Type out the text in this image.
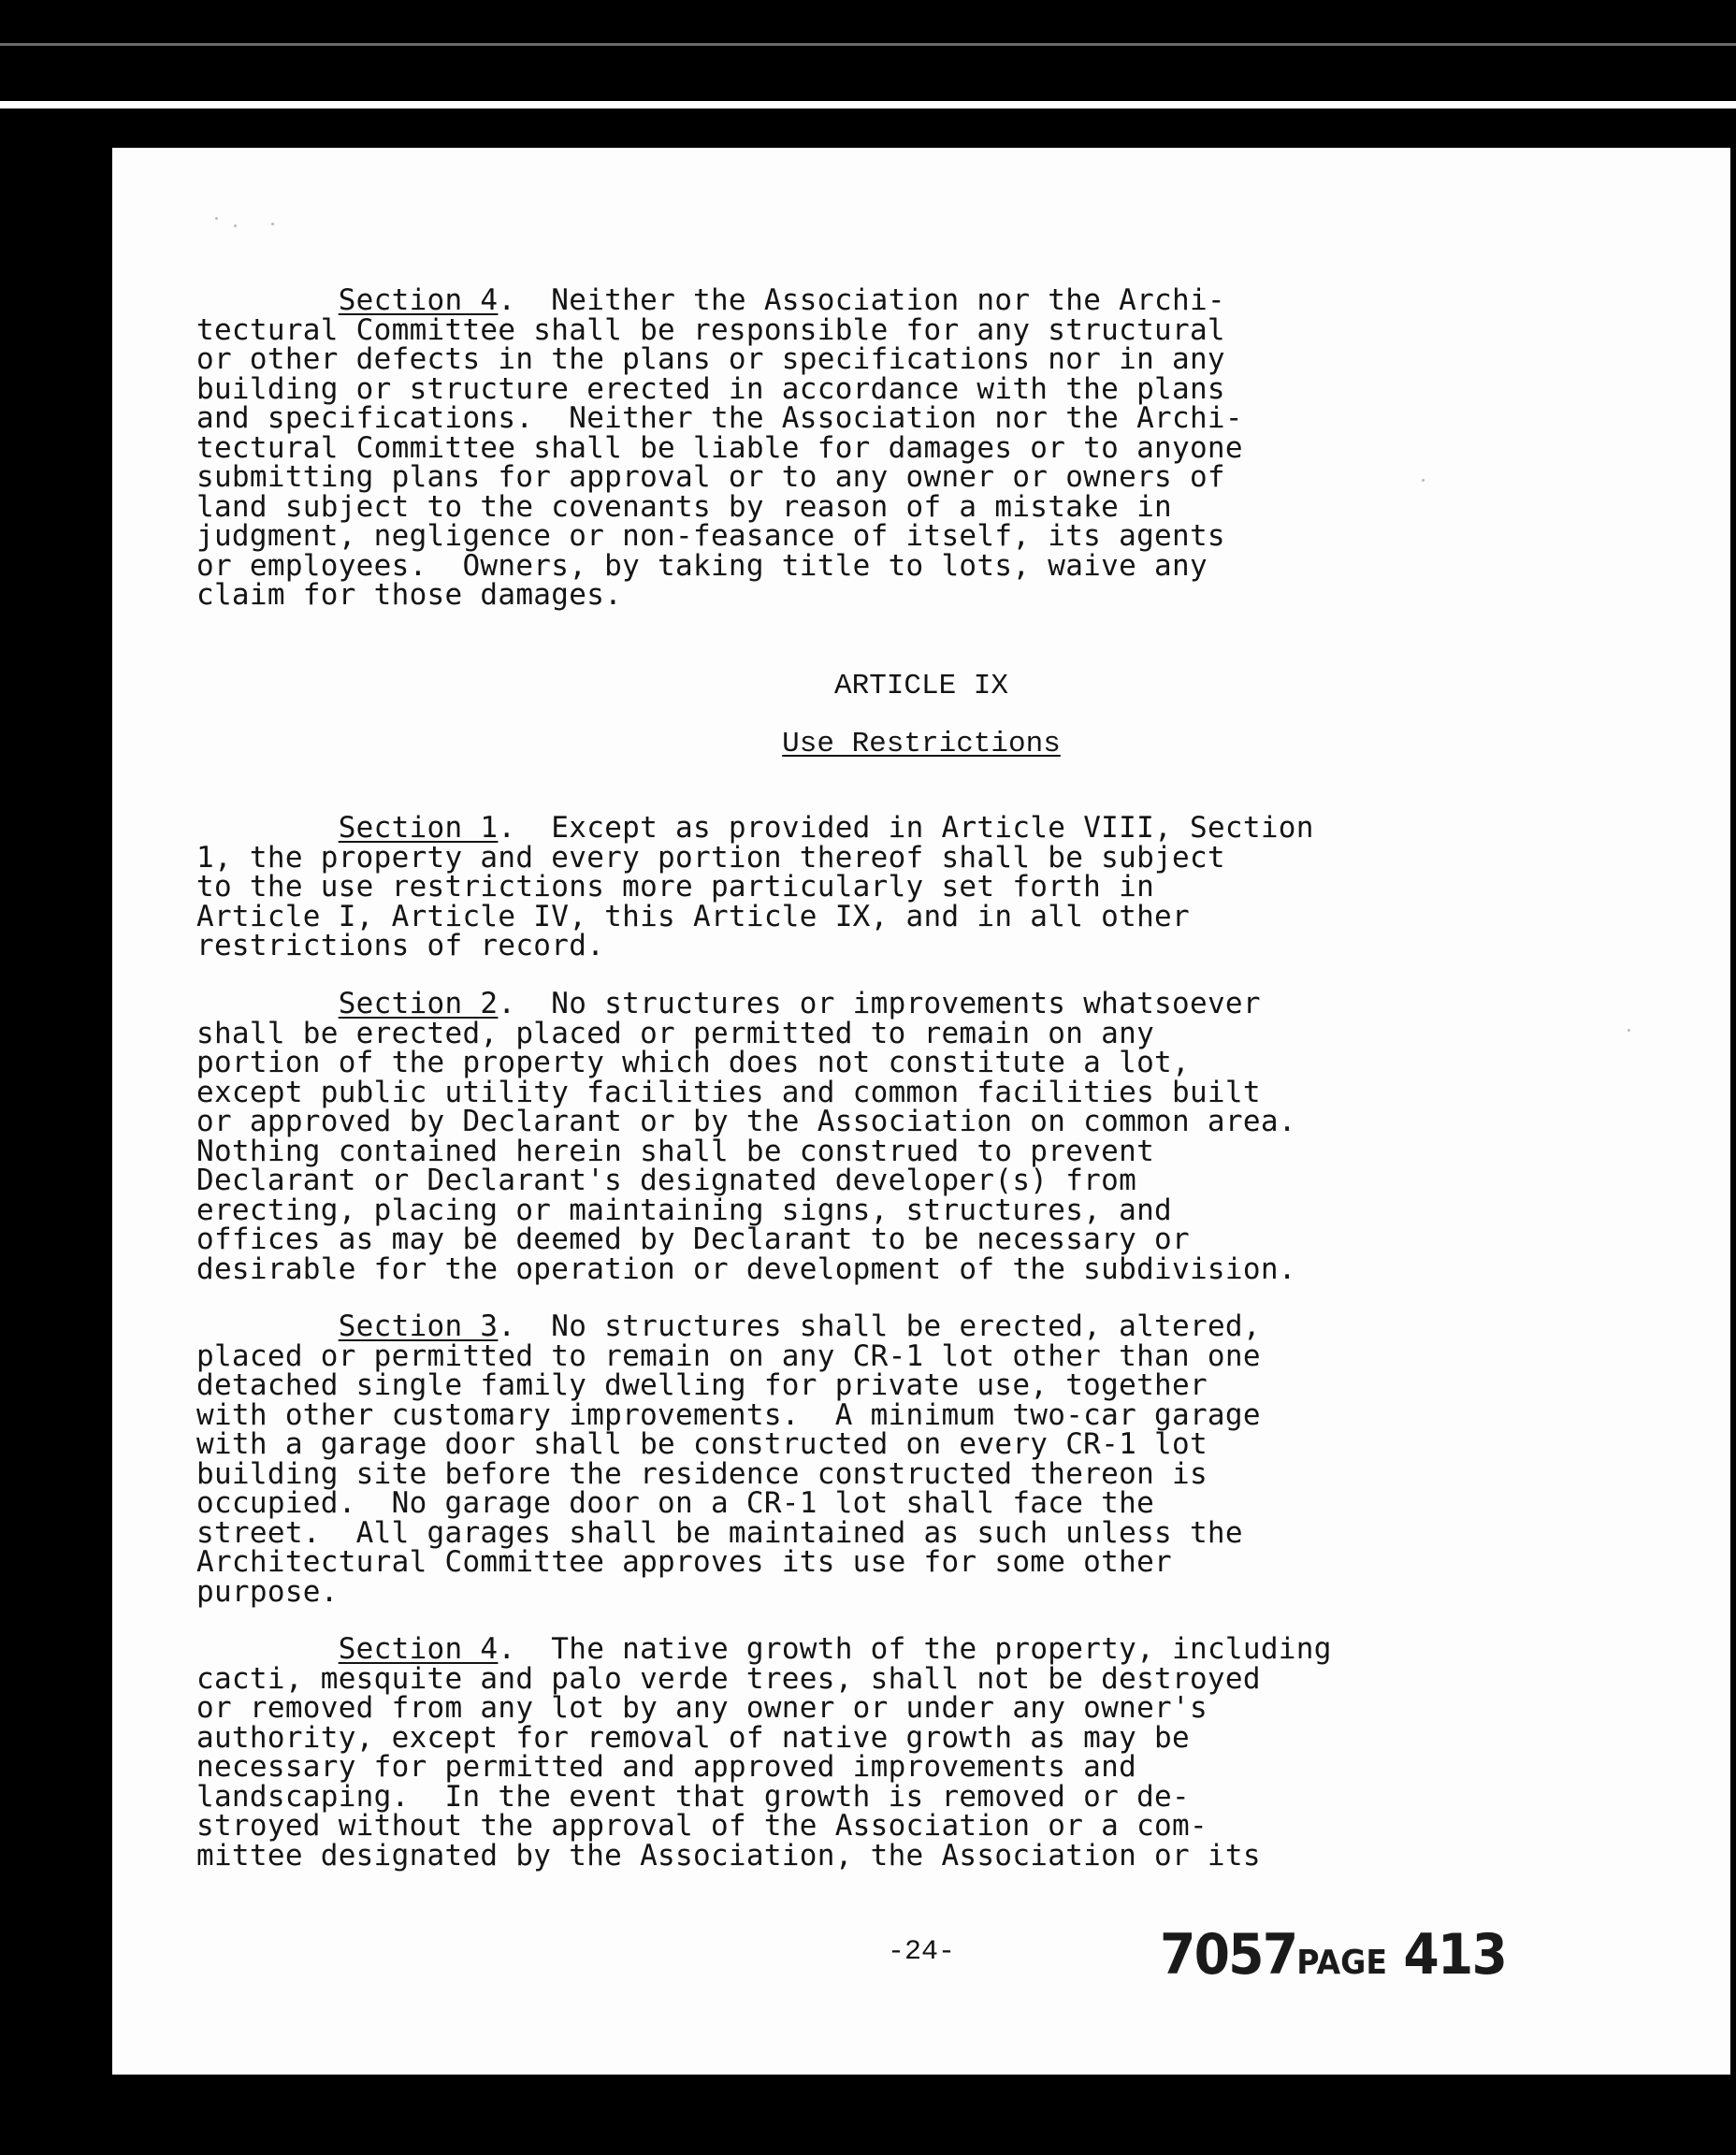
Section 4.  Neither the Association nor the Archi-
tectural Committee shall be responsible for any structural
or other defects in the plans or specifications nor in any
building or structure erected in accordance with the plans
and specifications.  Neither the Association nor the Archi-
tectural Committee shall be liable for damages or to anyone
submitting plans for approval or to any owner or owners of
land subject to the covenants by reason of a mistake in
judgment, negligence or non-feasance of itself, its agents
or employees.  Owners, by taking title to lots, waive any
claim for those damages.
ARTICLE IX
Use Restrictions
Section 1.  Except as provided in Article VIII, Section
1, the property and every portion thereof shall be subject
to the use restrictions more particularly set forth in
Article I, Article IV, this Article IX, and in all other
restrictions of record.
Section 2.  No structures or improvements whatsoever
shall be erected, placed or permitted to remain on any
portion of the property which does not constitute a lot,
except public utility facilities and common facilities built
or approved by Declarant or by the Association on common area.
Nothing contained herein shall be construed to prevent
Declarant or Declarant's designated developer(s) from
erecting, placing or maintaining signs, structures, and
offices as may be deemed by Declarant to be necessary or
desirable for the operation or development of the subdivision.
Section 3.  No structures shall be erected, altered,
placed or permitted to remain on any CR-1 lot other than one
detached single family dwelling for private use, together
with other customary improvements.  A minimum two-car garage
with a garage door shall be constructed on every CR-1 lot
building site before the residence constructed thereon is
occupied.  No garage door on a CR-1 lot shall face the
street.  All garages shall be maintained as such unless the
Architectural Committee approves its use for some other
purpose.
Section 4.  The native growth of the property, including
cacti, mesquite and palo verde trees, shall not be destroyed
or removed from any lot by any owner or under any owner's
authority, except for removal of native growth as may be
necessary for permitted and approved improvements and
landscaping.  In the event that growth is removed or de-
stroyed without the approval of the Association or a com-
mittee designated by the Association, the Association or its
-24-	7057PAGE 413
